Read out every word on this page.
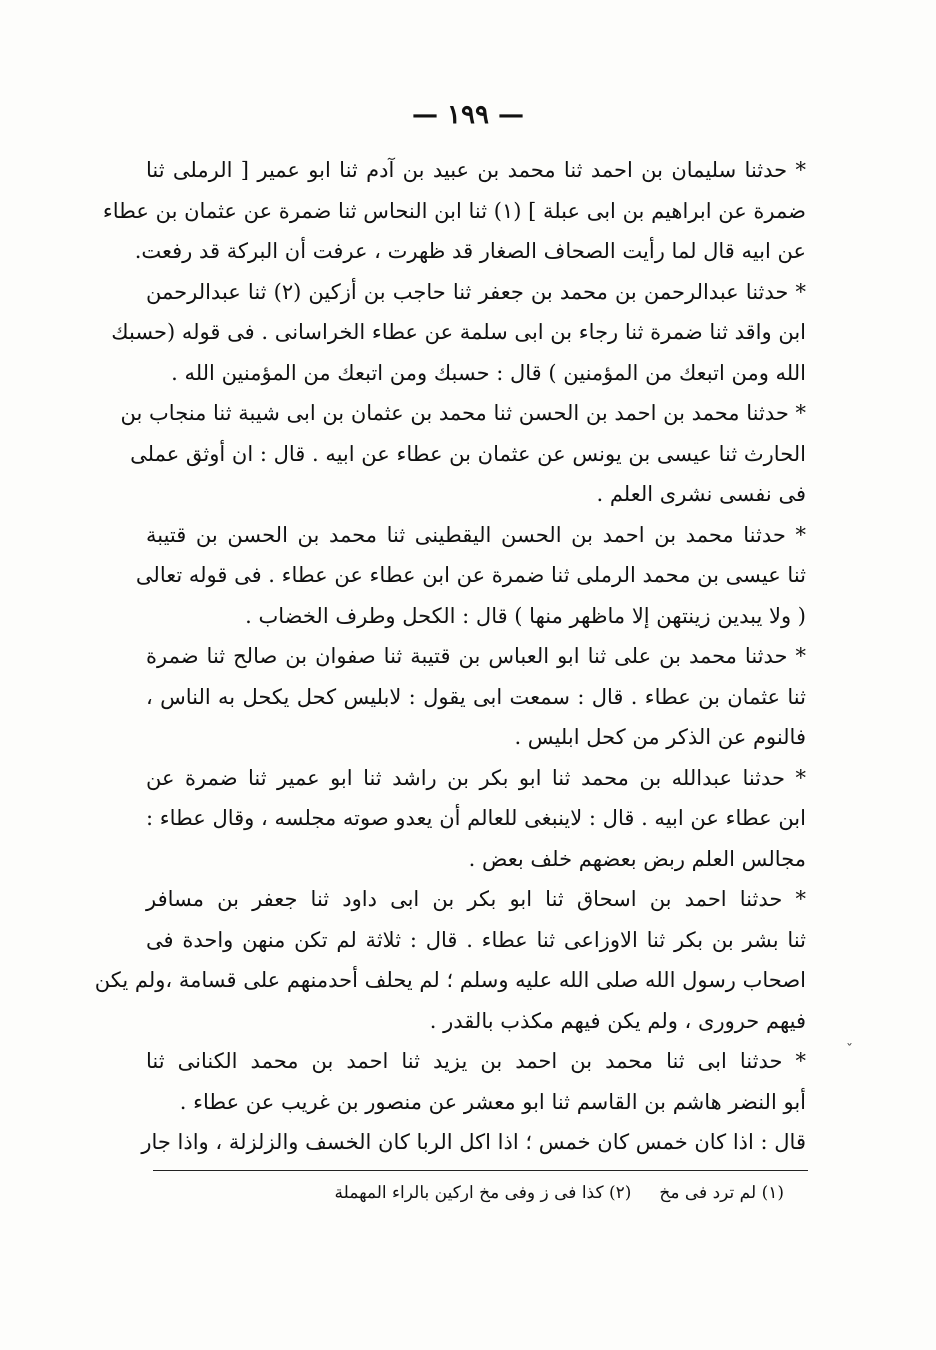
— ١٩٩ —
* حدثنا سليمان بن احمد ثنا محمد بن عبيد بن آدم ثنا ابو عمير [ الرملى ثنا
ضمرة عن ابراهيم بن ابى عبلة ] (١) ثنا ابن النحاس ثنا ضمرة عن عثمان بن عطاء
عن ابيه قال لما رأيت الصحاف الصغار قد ظهرت ، عرفت أن البركة قد رفعت.
* حدثنا عبدالرحمن بن محمد بن جعفر ثنا حاجب بن أزكين (٢) ثنا عبدالرحمن
ابن واقد ثنا ضمرة ثنا رجاء بن ابى سلمة عن عطاء الخراسانى . فى قوله (حسبك
الله ومن اتبعك من المؤمنين ) قال : حسبك ومن اتبعك من المؤمنين الله .
* حدثنا محمد بن احمد بن الحسن ثنا محمد بن عثمان بن ابى شيبة ثنا منجاب بن
الحارث ثنا عيسى بن يونس عن عثمان بن عطاء عن ابيه . قال : ان أوثق عملى
فى نفسى نشرى العلم .
* حدثنا محمد بن احمد بن الحسن اليقطينى ثنا محمد بن الحسن بن قتيبة
ثنا عيسى بن محمد الرملى ثنا ضمرة عن ابن عطاء عن عطاء . فى قوله تعالى
( ولا يبدين زينتهن إلا ماظهر منها ) قال : الكحل وطرف الخضاب .
* حدثنا محمد بن على ثنا ابو العباس بن قتيبة ثنا صفوان بن صالح ثنا ضمرة
ثنا عثمان بن عطاء . قال : سمعت ابى يقول : لابليس كحل يكحل به الناس ،
فالنوم عن الذكر من كحل ابليس .
* حدثنا عبدالله بن محمد ثنا ابو بكر بن راشد ثنا ابو عمير ثنا ضمرة عن
ابن عطاء عن ابيه . قال : لاينبغى للعالم أن يعدو صوته مجلسه ، وقال عطاء :
مجالس العلم ربض بعضهم خلف بعض .
* حدثنا احمد بن اسحاق ثنا ابو بكر بن ابى داود ثنا جعفر بن مسافر
ثنا بشر بن بكر ثنا الاوزاعى ثنا عطاء . قال : ثلاثة لم تكن منهن واحدة فى
اصحاب رسول الله صلى الله عليه وسلم ؛ لم يحلف أحدمنهم على قسامة ،ولم يكن
فيهم حرورى ، ولم يكن فيهم مكذب بالقدر .
* حدثنا ابى ثنا محمد بن احمد بن يزيد ثنا احمد بن محمد الكنانى ثنا
أبو النضر هاشم بن القاسم ثنا ابو معشر عن منصور بن غريب عن عطاء .
قال : اذا كان خمس كان خمس ؛ اذا اكل الربا كان الخسف والزلزلة ، واذا جار
(١) لم ترد فى مخ(٢) كذا فى ز وفى مخ اركين بالراء المهملة
ˇ
